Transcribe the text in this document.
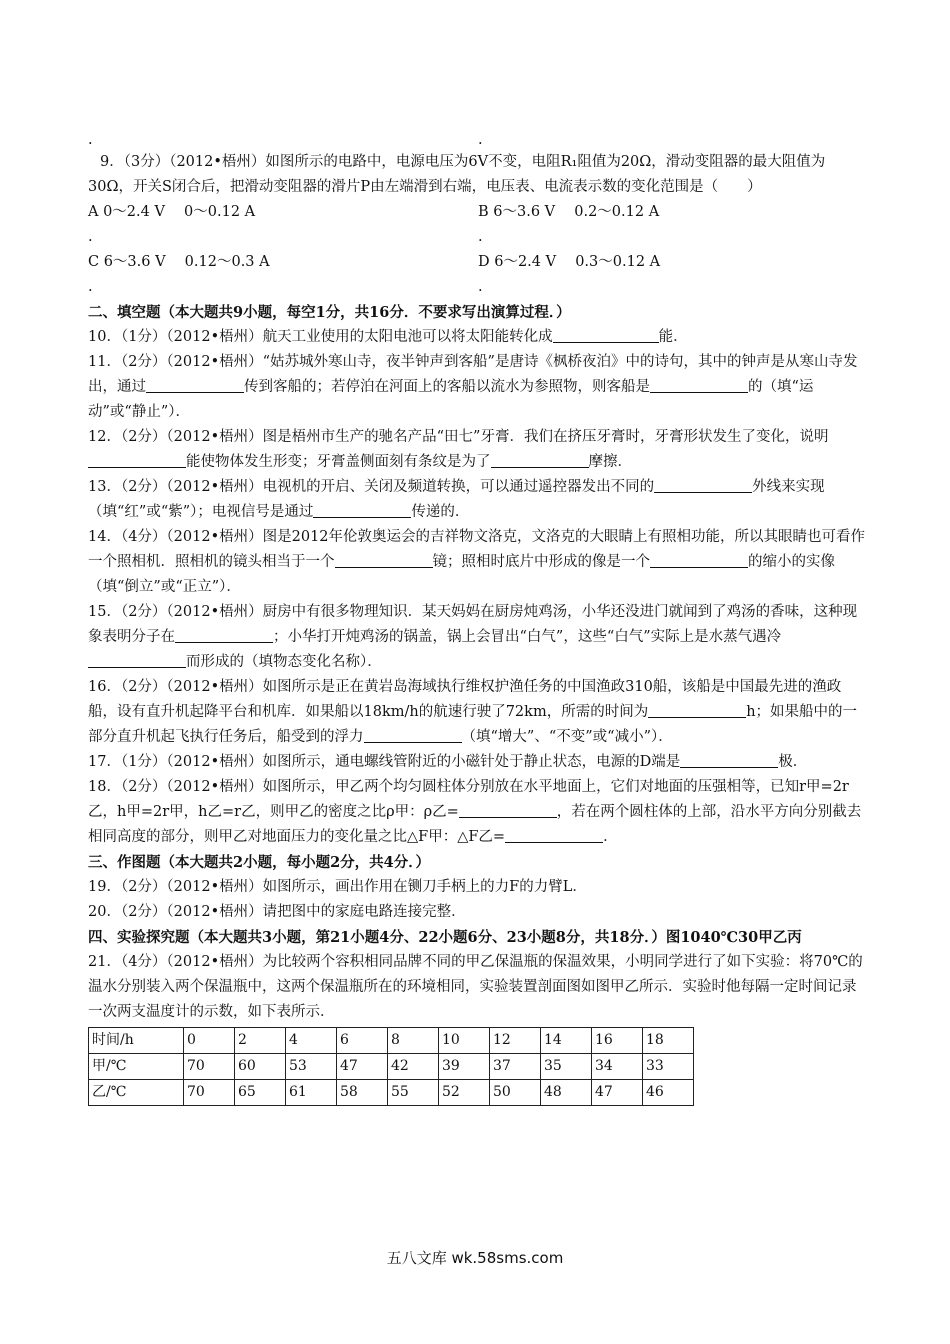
.	.

9．（3分）（2012•梧州）如图所示的电路中，电源电压为6V不变，电阻R₁阻值为20Ω，滑动变阻器的最大阻值为30Ω，开关S闭合后，把滑动变阻器的滑片P由左端滑到右端，电压表、电流表示数的变化范围是（　　）

A 0～2.4 V　 0～0.12 A	B 6～3.6 V　 0.2～0.12 A
.	.
C 6～3.6 V　 0.12～0.3 A	D 6～2.4 V　 0.3～0.12 A
.	.

二、填空题（本大题共9小题，每空1分，共16分．不要求写出演算过程．）

10．（1分）（2012•梧州）航天工业使用的太阳电池可以将太阳能转化成	能．

11．（2分）（2012•梧州）“姑苏城外寒山寺，夜半钟声到客船”是唐诗《枫桥夜泊》中的诗句，其中的钟声是从寒山寺发出，通过	传到客船的；若停泊在河面上的客船以流水为参照物，则客船是	的（填“运动”或“静止”）．

12．（2分）（2012•梧州）图是梧州市生产的驰名产品“田七”牙膏．我们在挤压牙膏时，牙膏形状发生了变化，说明能使物体发生形变；牙膏盖侧面刻有条纹是为了	摩擦．

13．（2分）（2012•梧州）电视机的开启、关闭及频道转换，可以通过遥控器发出不同的	外线来实现（填“红”或“紫”）；电视信号是通过	传递的．

14．（4分）（2012•梧州）图是2012年伦敦奥运会的吉祥物文洛克，文洛克的大眼睛上有照相功能，所以其眼睛也可看作一个照相机．照相机的镜头相当于一个	镜；照相时底片中形成的像是一个	的缩小的实像（填“倒立”或“正立”）．

15．（2分）（2012•梧州）厨房中有很多物理知识．某天妈妈在厨房炖鸡汤，小华还没进门就闻到了鸡汤的香味，这种现象表明分子在	；小华打开炖鸡汤的锅盖，锅上会冒出“白气”，这些“白气”实际上是水蒸气遇冷而形成的（填物态变化名称）．

16．（2分）（2012•梧州）如图所示是正在黄岩岛海域执行维权护渔任务的中国渔政310船，该船是中国最先进的渔政船，设有直升机起降平台和机库．如果船以18km/h的航速行驶了72km，所需的时间为	h；如果船中的一部分直升机起飞执行任务后，船受到的浮力	（填“增大”、“不变”或“减小”）．

17．（1分）（2012•梧州）如图所示，通电螺线管附近的小磁针处于静止状态，电源的D端是	极．

18．（2分）（2012•梧州）如图所示，甲乙两个均匀圆柱体分别放在水平地面上，它们对地面的压强相等，已知r甲=2r乙，h甲=2r甲，h乙=r乙，则甲乙的密度之比ρ甲：ρ乙=	，若在两个圆柱体的上部，沿水平方向分别截去相同高度的部分，则甲乙对地面压力的变化量之比△F甲：△F乙=	．

三、作图题（本大题共2小题，每小题2分，共4分．）

19．（2分）（2012•梧州）如图所示，画出作用在铡刀手柄上的力F的力臂L．

20．（2分）（2012•梧州）请把图中的家庭电路连接完整．

四、实验探究题（本大题共3小题，第21小题4分、22小题6分、23小题8分，共18分．）图1040℃30甲乙丙

21．（4分）（2012•梧州）为比较两个容积相同品牌不同的甲乙保温瓶的保温效果，小明同学进行了如下实验：将70℃的温水分别装入两个保温瓶中，这两个保温瓶所在的环境相同，实验装置剖面图如图甲乙所示．实验时他每隔一定时间记录一次两支温度计的示数，如下表所示．

时间/h	0	2	4	6	8	10	12	14	16	18
甲/℃	70	60	53	47	42	39	37	35	34	33
乙/℃	70	65	61	58	55	52	50	48	47	46
五八文库 wk.58sms.com
